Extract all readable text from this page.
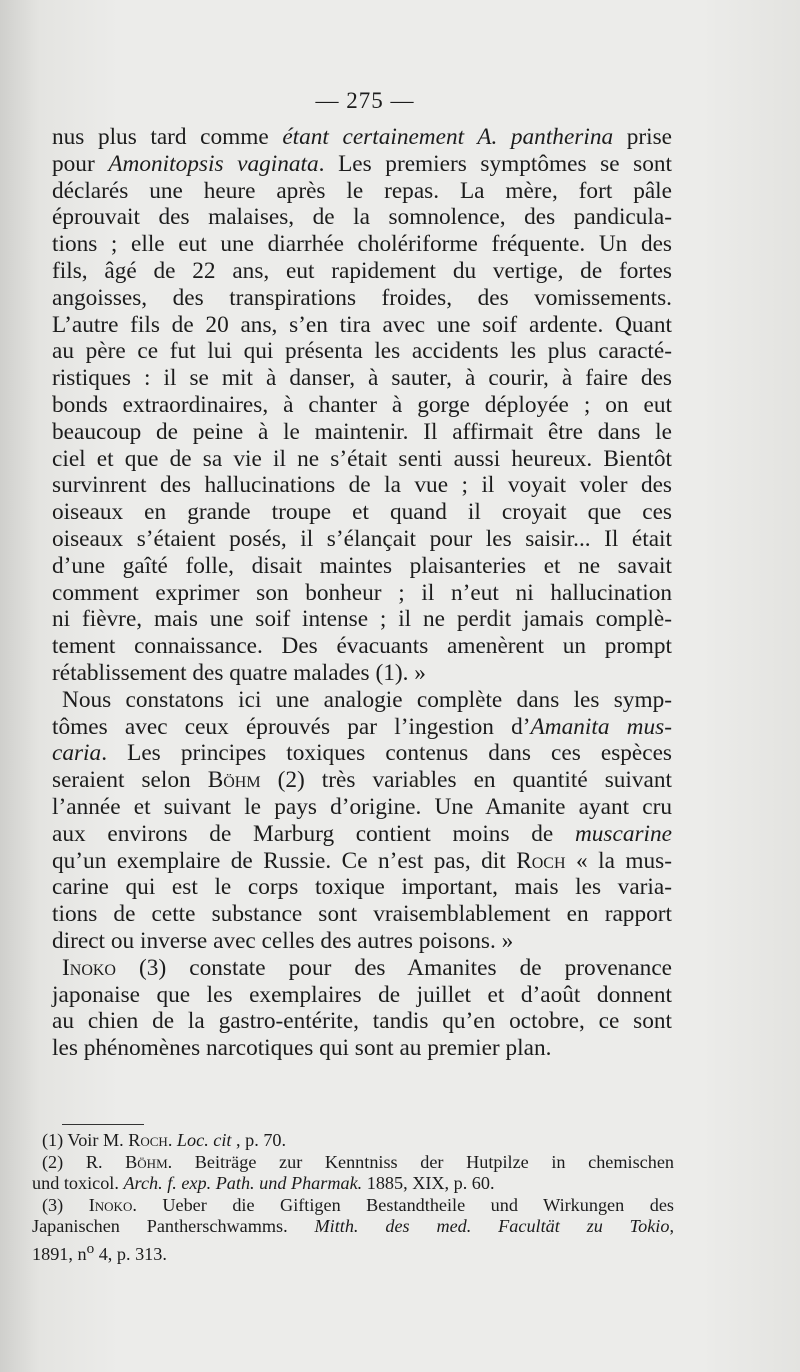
— 275 —
nus plus tard comme étant certainement A. pantherina prise
pour Amonitopsis vaginata. Les premiers symptômes se sont
déclarés une heure après le repas. La mère, fort pâle
éprouvait des malaises, de la somnolence, des pandicula-
tions ; elle eut une diarrhée cholériforme fréquente. Un des
fils, âgé de 22 ans, eut rapidement du vertige, de fortes
angoisses, des transpirations froides, des vomissements.
L’autre fils de 20 ans, s’en tira avec une soif ardente. Quant
au père ce fut lui qui présenta les accidents les plus caracté-
ristiques : il se mit à danser, à sauter, à courir, à faire des
bonds extraordinaires, à chanter à gorge déployée ; on eut
beaucoup de peine à le maintenir. Il affirmait être dans le
ciel et que de sa vie il ne s’était senti aussi heureux. Bientôt
survinrent des hallucinations de la vue ; il voyait voler des
oiseaux en grande troupe et quand il croyait que ces
oiseaux s’étaient posés, il s’élançait pour les saisir... Il était
d’une gaîté folle, disait maintes plaisanteries et ne savait
comment exprimer son bonheur ; il n’eut ni hallucination
ni fièvre, mais une soif intense ; il ne perdit jamais complè-
tement connaissance. Des évacuants amenèrent un prompt
rétablissement des quatre malades (1). »
Nous constatons ici une analogie complète dans les symp-
tômes avec ceux éprouvés par l’ingestion d’Amanita mus-
caria. Les principes toxiques contenus dans ces espèces
seraient selon Böhm (2) très variables en quantité suivant
l’année et suivant le pays d’origine. Une Amanite ayant cru
aux environs de Marburg contient moins de muscarine
qu’un exemplaire de Russie. Ce n’est pas, dit Roch « la mus-
carine qui est le corps toxique important, mais les varia-
tions de cette substance sont vraisemblablement en rapport
direct ou inverse avec celles des autres poisons. »
Inoko (3) constate pour des Amanites de provenance
japonaise que les exemplaires de juillet et d’août donnent
au chien de la gastro-entérite, tandis qu’en octobre, ce sont
les phénomènes narcotiques qui sont au premier plan.
(1) Voir M. Roch. Loc. cit , p. 70.
(2) R. Böhm. Beiträge zur Kenntniss der Hutpilze in chemischen
und toxicol. Arch. f. exp. Path. und Pharmak. 1885, XIX, p. 60.
(3) Inoko. Ueber die Giftigen Bestandtheile und Wirkungen des
Japanischen Pantherschwamms. Mitth. des med. Facultät zu Tokio,
1891, $n^o$ 4, p. 313.
